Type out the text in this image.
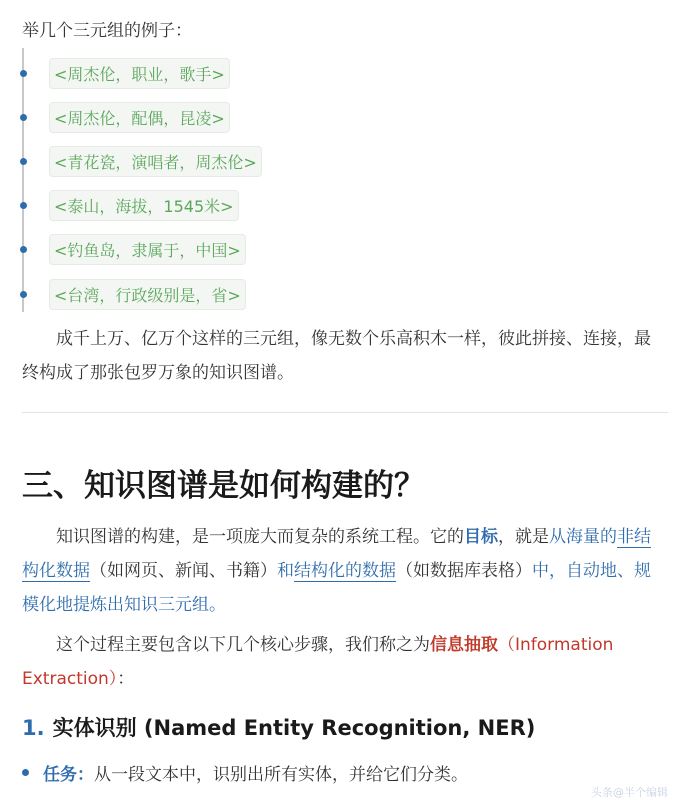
举几个三元组的例子：
<周杰伦，职业，歌手>
<周杰伦，配偶，昆凌>
<青花瓷，演唱者，周杰伦>
<泰山，海拔，1545米>
<钓鱼岛，隶属于，中国>
<台湾，行政级别是，省>
成千上万、亿万个这样的三元组，像无数个乐高积木一样，彼此拼接、连接，最终构成了那张包罗万象的知识图谱。
三、知识图谱是如何构建的？
知识图谱的构建，是一项庞大而复杂的系统工程。它的目标，就是从海量的非结构化数据（如网页、新闻、书籍）和结构化的数据（如数据库表格）中，自动地、规模化地提炼出知识三元组。
这个过程主要包含以下几个核心步骤，我们称之为信息抽取（Information Extraction）：
1. 实体识别 (Named Entity Recognition, NER)
任务： 从一段文本中，识别出所有实体，并给它们分类。
头条@半个编辑
